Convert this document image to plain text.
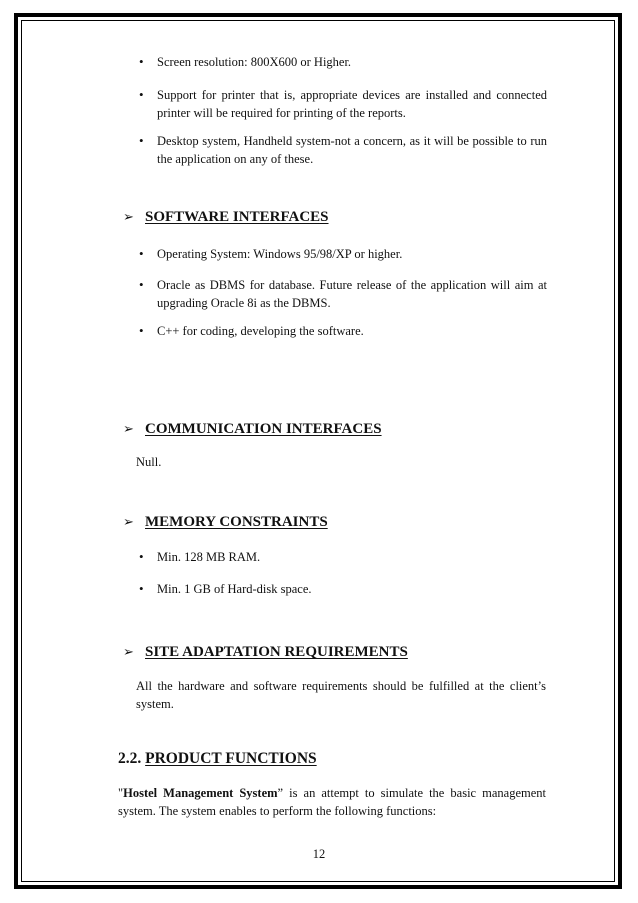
• Screen resolution: 800X600 or Higher.
• Support for printer that is, appropriate devices are installed and connected printer will be required for printing of the reports.
• Desktop system, Handheld system-not a concern, as it will be possible to run the application on any of these.
➢ SOFTWARE INTERFACES
• Operating System: Windows 95/98/XP or higher.
• Oracle as DBMS for database. Future release of the application will aim at upgrading Oracle 8i as the DBMS.
• C++ for coding, developing the software.
➢ COMMUNICATION INTERFACES
Null.
➢ MEMORY CONSTRAINTS
• Min. 128 MB RAM.
• Min. 1 GB of Hard-disk space.
➢ SITE ADAPTATION REQUIREMENTS
All the hardware and software requirements should be fulfilled at the client’s system.
2.2. PRODUCT FUNCTIONS
"Hostel Management System” is an attempt to simulate the basic management system. The system enables to perform the following functions:
12
